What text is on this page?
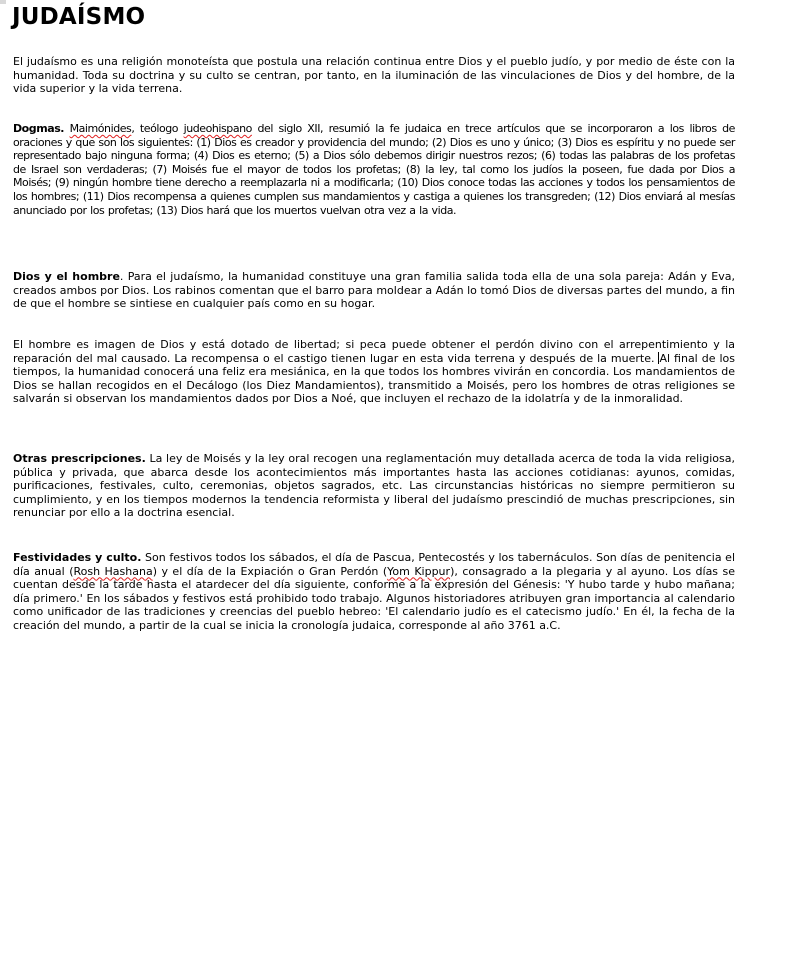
JUDAÍSMO

El judaísmo es una religión monoteísta que postula una relación continua entre Dios y el pueblo judío, y por medio de éste con la humanidad. Toda su doctrina y su culto se centran, por tanto, en la iluminación de las vinculaciones de Dios y del hombre, de la vida superior y la vida terrena.

Dogmas. Maimónides, teólogo judeohispano del siglo XII, resumió la fe judaica en trece artículos que se incorporaron a los libros de oraciones y que son los siguientes: (1) Dios es creador y providencia del mundo; (2) Dios es uno y único; (3) Dios es espíritu y no puede ser representado bajo ninguna forma; (4) Dios es eterno; (5) a Dios sólo debemos dirigir nuestros rezos; (6) todas las palabras de los profetas de Israel son verdaderas; (7) Moisés fue el mayor de todos los profetas; (8) la ley, tal como los judíos la poseen, fue dada por Dios a Moisés; (9) ningún hombre tiene derecho a reemplazarla ni a modificarla; (10) Dios conoce todas las acciones y todos los pensamientos de los hombres; (11) Dios recompensa a quienes cumplen sus mandamientos y castiga a quienes los transgreden; (12) Dios enviará al mesías anunciado por los profetas; (13) Dios hará que los muertos vuelvan otra vez a la vida.

Dios y el hombre. Para el judaísmo, la humanidad constituye una gran familia salida toda ella de una sola pareja: Adán y Eva, creados ambos por Dios. Los rabinos comentan que el barro para moldear a Adán lo tomó Dios de diversas partes del mundo, a fin de que el hombre se sintiese en cualquier país como en su hogar.

El hombre es imagen de Dios y está dotado de libertad; si peca puede obtener el perdón divino con el arrepentimiento y la reparación del mal causado. La recompensa o el castigo tienen lugar en esta vida terrena y después de la muerte. Al final de los tiempos, la humanidad conocerá una feliz era mesiánica, en la que todos los hombres vivirán en concordia. Los mandamientos de Dios se hallan recogidos en el Decálogo (los Diez Mandamientos), transmitido a Moisés, pero los hombres de otras religiones se salvarán si observan los mandamientos dados por Dios a Noé, que incluyen el rechazo de la idolatría y de la inmoralidad.

Otras prescripciones. La ley de Moisés y la ley oral recogen una reglamentación muy detallada acerca de toda la vida religiosa, pública y privada, que abarca desde los acontecimientos más importantes hasta las acciones cotidianas: ayunos, comidas, purificaciones, festivales, culto, ceremonias, objetos sagrados, etc. Las circunstancias históricas no siempre permitieron su cumplimiento, y en los tiempos modernos la tendencia reformista y liberal del judaísmo prescindió de muchas prescripciones, sin renunciar por ello a la doctrina esencial.

Festividades y culto. Son festivos todos los sábados, el día de Pascua, Pentecostés y los tabernáculos. Son días de penitencia el día anual (Rosh Hashana) y el día de la Expiación o Gran Perdón (Yom Kippur), consagrado a la plegaria y al ayuno. Los días se cuentan desde la tarde hasta el atardecer del día siguiente, conforme a la expresión del Génesis: 'Y hubo tarde y hubo mañana; día primero.' En los sábados y festivos está prohibido todo trabajo. Algunos historiadores atribuyen gran importancia al calendario como unificador de las tradiciones y creencias del pueblo hebreo: 'El calendario judío es el catecismo judío.' En él, la fecha de la creación del mundo, a partir de la cual se inicia la cronología judaica, corresponde al año 3761 a.C.
